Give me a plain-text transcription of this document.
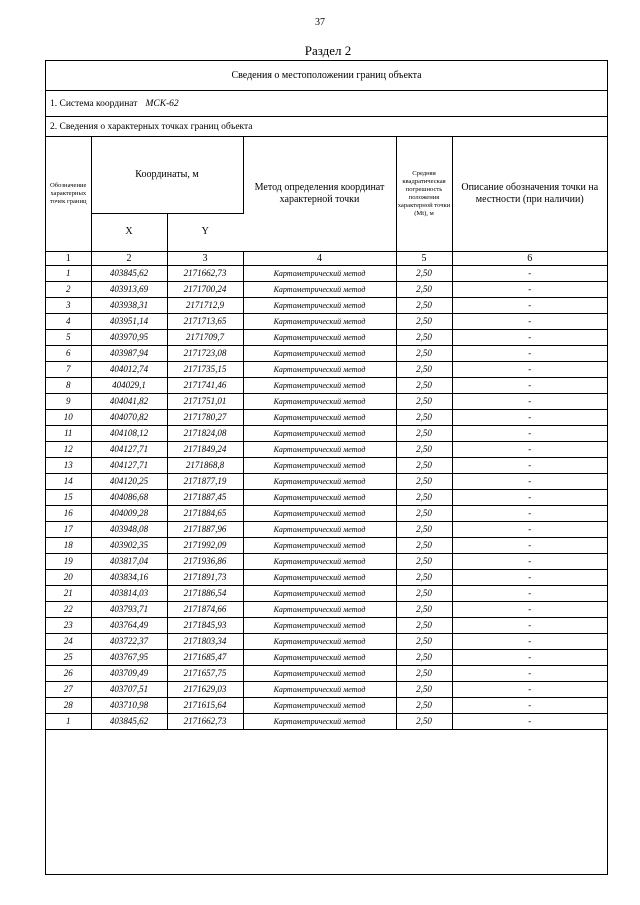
37
Раздел 2
Сведения о местоположении границ объекта
1. Система координат МСК-62
2. Сведения о характерных точках границ объекта
Обозначение характерных точек границ	Координаты, м		Метод определения координат характерной точки	Средняя квадратическая погрешность положения характерной точки (Mt), м	Описание обозначения точки на местности (при наличии)
	X	Y			
1	2	3	4	5	6
1	403845,62	2171662,73	Картометрический метод	2,50	-
2	403913,69	2171700,24	Картометрический метод	2,50	-
3	403938,31	2171712,9	Картометрический метод	2,50	-
4	403951,14	2171713,65	Картометрический метод	2,50	-
5	403970,95	2171709,7	Картометрический метод	2,50	-
6	403987,94	2171723,08	Картометрический метод	2,50	-
7	404012,74	2171735,15	Картометрический метод	2,50	-
8	404029,1	2171741,46	Картометрический метод	2,50	-
9	404041,82	2171751,01	Картометрический метод	2,50	-
10	404070,82	2171780,27	Картометрический метод	2,50	-
11	404108,12	2171824,08	Картометрический метод	2,50	-
12	404127,71	2171849,24	Картометрический метод	2,50	-
13	404127,71	2171868,8	Картометрический метод	2,50	-
14	404120,25	2171877,19	Картометрический метод	2,50	-
15	404086,68	2171887,45	Картометрический метод	2,50	-
16	404009,28	2171884,65	Картометрический метод	2,50	-
17	403948,08	2171887,96	Картометрический метод	2,50	-
18	403902,35	2171992,09	Картометрический метод	2,50	-
19	403817,04	2171936,86	Картометрический метод	2,50	-
20	403834,16	2171891,73	Картометрический метод	2,50	-
21	403814,03	2171886,54	Картометрический метод	2,50	-
22	403793,71	2171874,66	Картометрический метод	2,50	-
23	403764,49	2171845,93	Картометрический метод	2,50	-
24	403722,37	2171803,34	Картометрический метод	2,50	-
25	403767,95	2171685,47	Картометрический метод	2,50	-
26	403709,49	2171657,75	Картометрический метод	2,50	-
27	403707,51	2171629,03	Картометрический метод	2,50	-
28	403710,98	2171615,64	Картометрический метод	2,50	-
1	403845,62	2171662,73	Картометрический метод	2,50	-
